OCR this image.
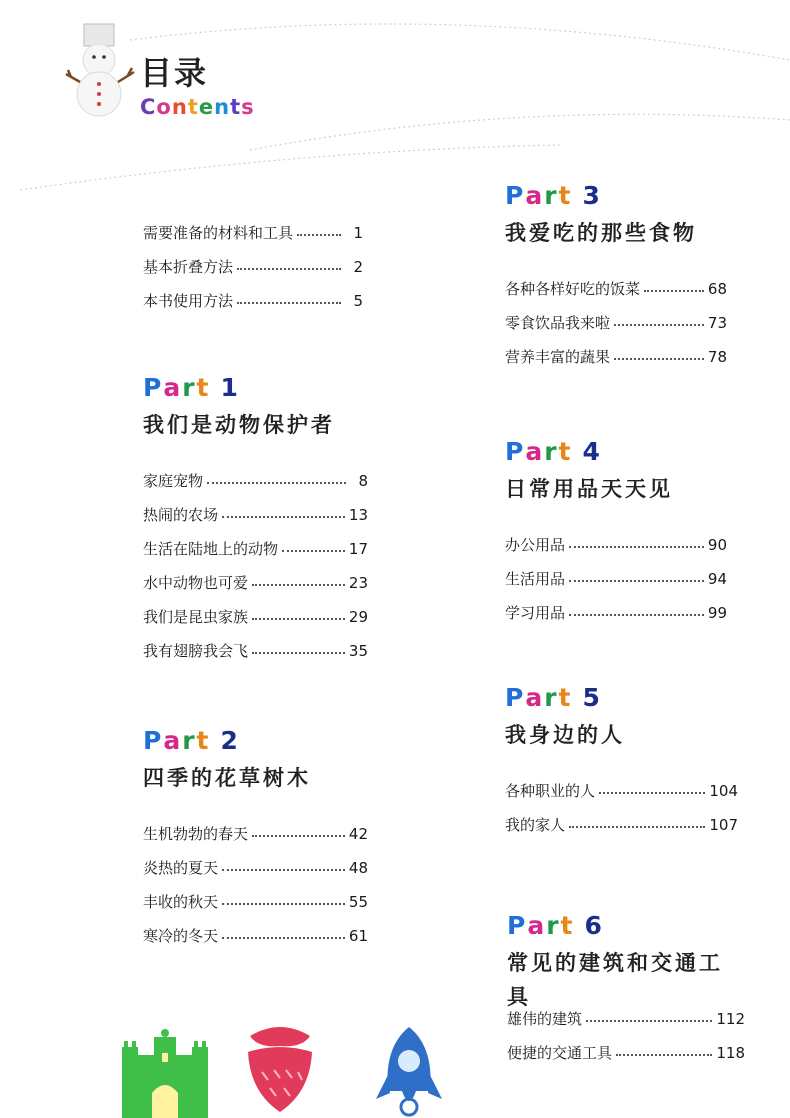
目录
Contents
需要准备的材料和工具	1
基本折叠方法	2
本书使用方法	5
Part 1
我们是动物保护者
家庭宠物	8
热闹的农场	13
生活在陆地上的动物	17
水中动物也可爱	23
我们是昆虫家族	29
我有翅膀我会飞	35
Part 2
四季的花草树木
生机勃勃的春天	42
炎热的夏天	48
丰收的秋天	55
寒冷的冬天	61
Part 3
我爱吃的那些食物
各种各样好吃的饭菜	68
零食饮品我来啦	73
营养丰富的蔬果	78
Part 4
日常用品天天见
办公用品	90
生活用品	94
学习用品	99
Part 5
我身边的人
各种职业的人	104
我的家人	107
Part 6
常见的建筑和交通工具
雄伟的建筑	112
便捷的交通工具	118
